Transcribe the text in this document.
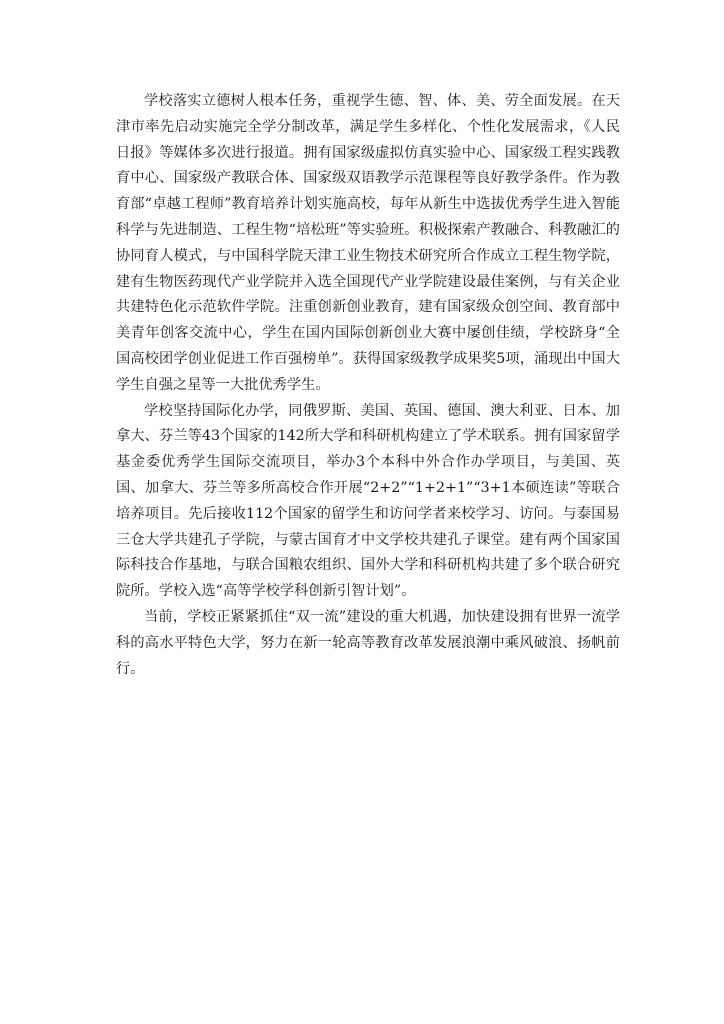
学校落实立德树人根本任务，重视学生德、智、体、美、劳全面发展。在天津市率先启动实施完全学分制改革，满足学生多样化、个性化发展需求，《人民日报》等媒体多次进行报道。拥有国家级虚拟仿真实验中心、国家级工程实践教育中心、国家级产教联合体、国家级双语教学示范课程等良好教学条件。作为教育部“卓越工程师”教育培养计划实施高校，每年从新生中选拔优秀学生进入智能科学与先进制造、工程生物“培松班”等实验班。积极探索产教融合、科教融汇的协同育人模式，与中国科学院天津工业生物技术研究所合作成立工程生物学院，建有生物医药现代产业学院并入选全国现代产业学院建设最佳案例，与有关企业共建特色化示范软件学院。注重创新创业教育，建有国家级众创空间、教育部中美青年创客交流中心，学生在国内国际创新创业大赛中屡创佳绩，学校跻身“全国高校团学创业促进工作百强榜单”。获得国家级教学成果奖5项，涌现出中国大学生自强之星等一大批优秀学生。

学校坚持国际化办学，同俄罗斯、美国、英国、德国、澳大利亚、日本、加拿大、芬兰等43个国家的142所大学和科研机构建立了学术联系。拥有国家留学基金委优秀学生国际交流项目，举办3个本科中外合作办学项目，与美国、英国、加拿大、芬兰等多所高校合作开展“2+2”“1+2+1”“3+1本硕连读”等联合培养项目。先后接收112个国家的留学生和访问学者来校学习、访问。与泰国易三仓大学共建孔子学院，与蒙古国育才中文学校共建孔子课堂。建有两个国家国际科技合作基地，与联合国粮农组织、国外大学和科研机构共建了多个联合研究院所。学校入选“高等学校学科创新引智计划”。

当前，学校正紧紧抓住“双一流”建设的重大机遇，加快建设拥有世界一流学科的高水平特色大学，努力在新一轮高等教育改革发展浪潮中乘风破浪、扬帆前行。
